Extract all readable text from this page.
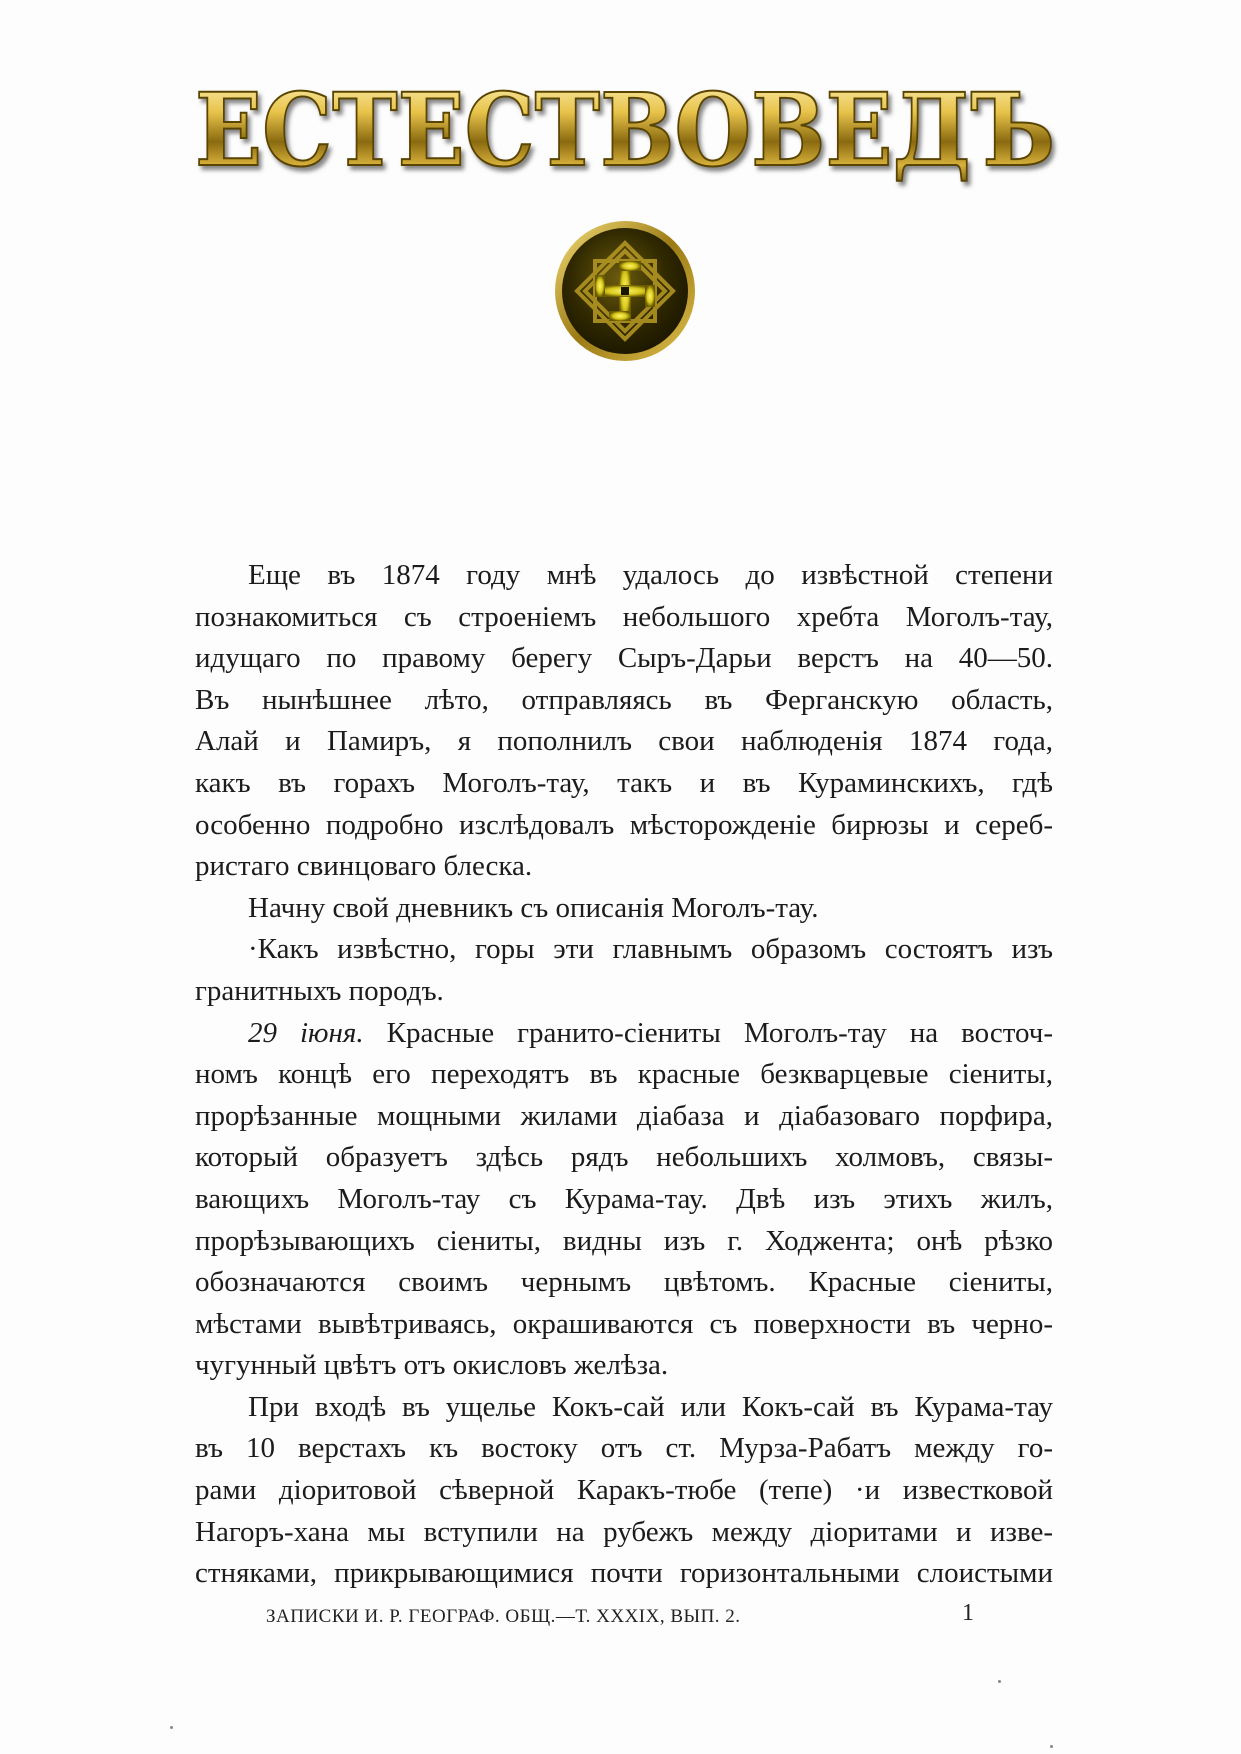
ЕСТЕСТВОВЕДЪ
Еще въ 1874 году мнѣ удалось до извѣстной степени
познакомиться съ строеніемъ небольшого хребта Моголъ-тау,
идущаго по правому берегу Сыръ-Дарьи верстъ на 40—50.
Въ нынѣшнее лѣто, отправляясь въ Ферганскую область,
Алай и Памиръ, я пополнилъ свои наблюденія 1874 года,
какъ въ горахъ Моголъ-тау, такъ и въ Кураминскихъ, гдѣ
особенно подробно изслѣдовалъ мѣсторожденіе бирюзы и сереб-
ристаго свинцоваго блеска.
Начну свой дневникъ съ описанія Моголъ-тау.
·Какъ извѣстно, горы эти главнымъ образомъ состоятъ изъ
гранитныхъ породъ.
29 іюня. Красные гранито-сіениты Моголъ-тау на восточ-
номъ концѣ его переходятъ въ красные безкварцевые сіениты,
прорѣзанные мощными жилами діабаза и діабазоваго порфира,
который образуетъ здѣсь рядъ небольшихъ холмовъ, связы-
вающихъ Моголъ-тау съ Курама-тау. Двѣ изъ этихъ жилъ,
прорѣзывающихъ сіениты, видны изъ г. Ходжента; онѣ рѣзко
обозначаются своимъ чернымъ цвѣтомъ. Красные сіениты,
мѣстами вывѣтриваясь, окрашиваются съ поверхности въ черно-
чугунный цвѣтъ отъ окисловъ желѣза.
При входѣ въ ущелье Кокъ-сай или Кокъ-сай въ Курама-тау
въ 10 верстахъ къ востоку отъ ст. Мурза-Рабатъ между го-
рами діоритовой сѣверной Каракъ-тюбе (тепе) ·и известковой
Нагоръ-хана мы вступили на рубежъ между діоритами и изве-
стняками, прикрывающимися почти горизонтальными слоистыми
ЗАПИСКИ И. Р. ГЕОГРАФ. ОБЩ.—Т. XXXIX, ВЫП. 2.	1
